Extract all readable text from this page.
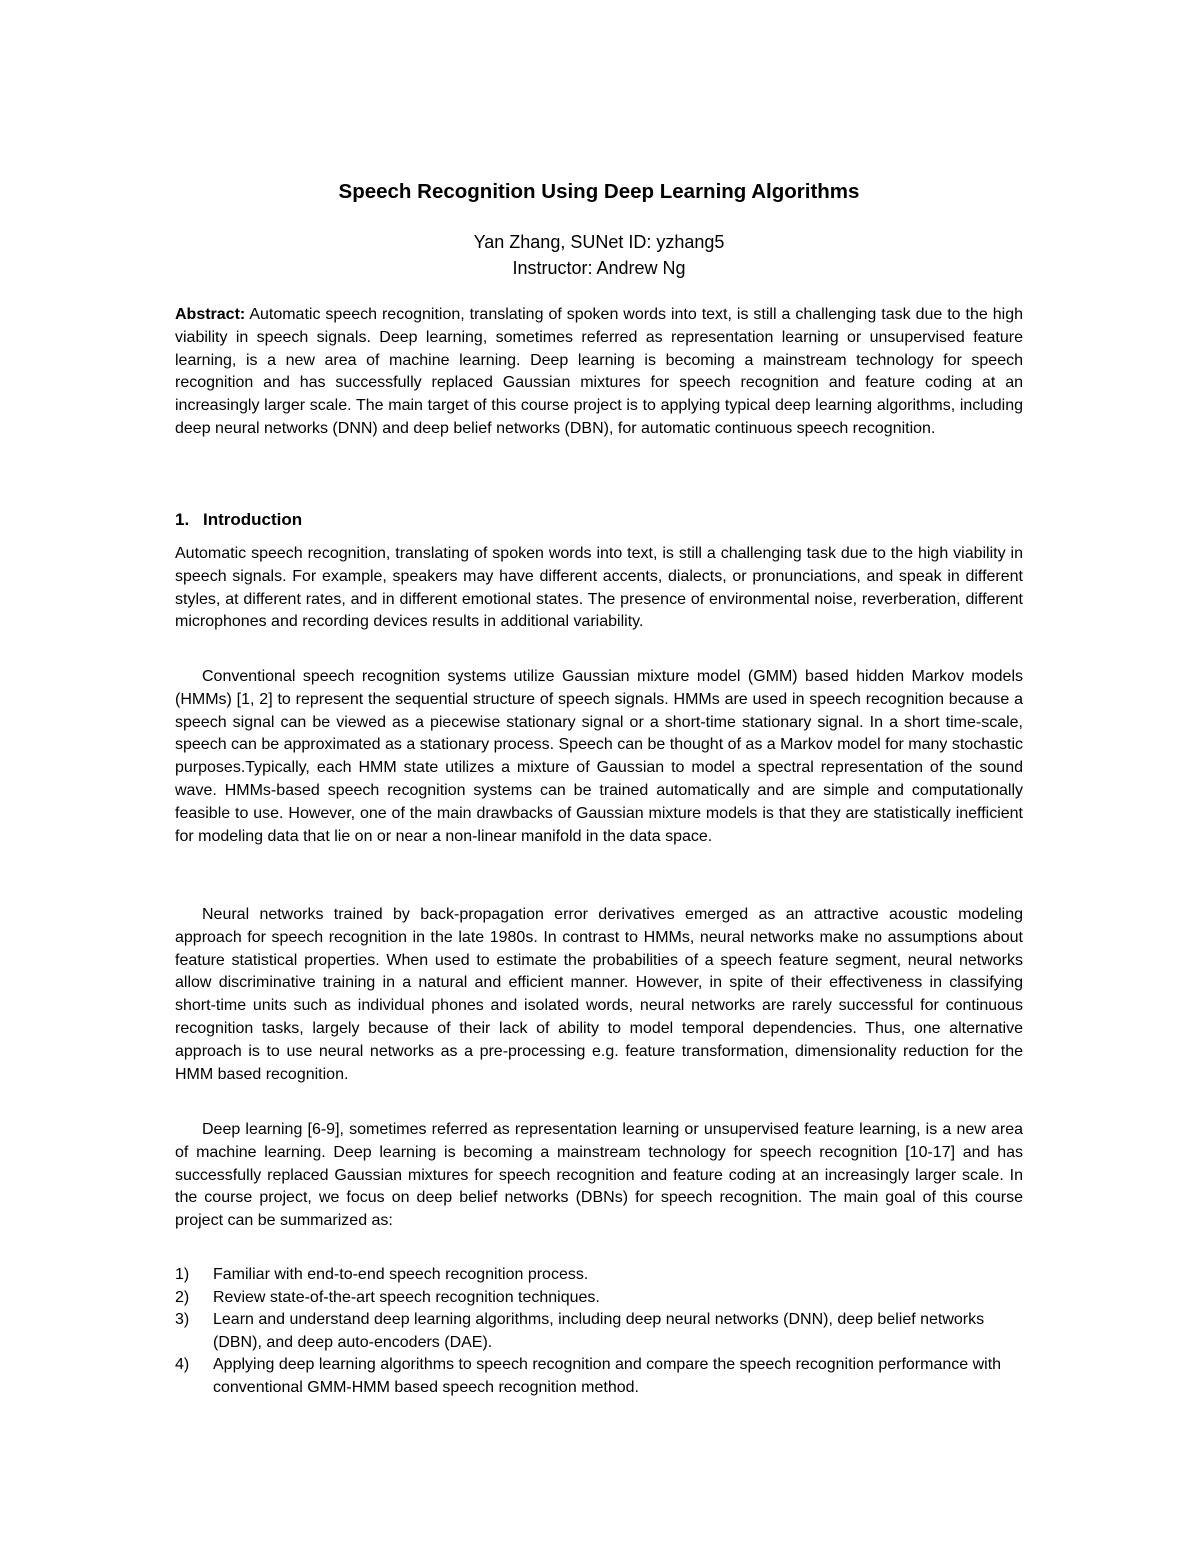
Speech Recognition Using Deep Learning Algorithms
Yan Zhang, SUNet ID: yzhang5
Instructor: Andrew Ng

Abstract: Automatic speech recognition, translating of spoken words into text, is still a challenging task due to the high viability in speech signals. Deep learning, sometimes referred as representation learning or unsupervised feature learning, is a new area of machine learning. Deep learning is becoming a mainstream technology for speech recognition and has successfully replaced Gaussian mixtures for speech recognition and feature coding at an increasingly larger scale. The main target of this course project is to applying typical deep learning algorithms, including deep neural networks (DNN) and deep belief networks (DBN), for automatic continuous speech recognition.

1. Introduction

Automatic speech recognition, translating of spoken words into text, is still a challenging task due to the high viability in speech signals. For example, speakers may have different accents, dialects, or pronunciations, and speak in different styles, at different rates, and in different emotional states. The presence of environmental noise, reverberation, different microphones and recording devices results in additional variability.

Conventional speech recognition systems utilize Gaussian mixture model (GMM) based hidden Markov models (HMMs) [1, 2] to represent the sequential structure of speech signals. HMMs are used in speech recognition because a speech signal can be viewed as a piecewise stationary signal or a short-time stationary signal. In a short time-scale, speech can be approximated as a stationary process. Speech can be thought of as a Markov model for many stochastic purposes.Typically, each HMM state utilizes a mixture of Gaussian to model a spectral representation of the sound wave. HMMs-based speech recognition systems can be trained automatically and are simple and computationally feasible to use. However, one of the main drawbacks of Gaussian mixture models is that they are statistically inefficient for modeling data that lie on or near a non-linear manifold in the data space.

Neural networks trained by back-propagation error derivatives emerged as an attractive acoustic modeling approach for speech recognition in the late 1980s. In contrast to HMMs, neural networks make no assumptions about feature statistical properties. When used to estimate the probabilities of a speech feature segment, neural networks allow discriminative training in a natural and efficient manner. However, in spite of their effectiveness in classifying short-time units such as individual phones and isolated words, neural networks are rarely successful for continuous recognition tasks, largely because of their lack of ability to model temporal dependencies. Thus, one alternative approach is to use neural networks as a pre-processing e.g. feature transformation, dimensionality reduction for the HMM based recognition.

Deep learning [6-9], sometimes referred as representation learning or unsupervised feature learning, is a new area of machine learning. Deep learning is becoming a mainstream technology for speech recognition [10-17] and has successfully replaced Gaussian mixtures for speech recognition and feature coding at an increasingly larger scale. In the course project, we focus on deep belief networks (DBNs) for speech recognition. The main goal of this course project can be summarized as:

1) Familiar with end-to-end speech recognition process.
2) Review state-of-the-art speech recognition techniques.
3) Learn and understand deep learning algorithms, including deep neural networks (DNN), deep belief networks (DBN), and deep auto-encoders (DAE).
4) Applying deep learning algorithms to speech recognition and compare the speech recognition performance with conventional GMM-HMM based speech recognition method.
